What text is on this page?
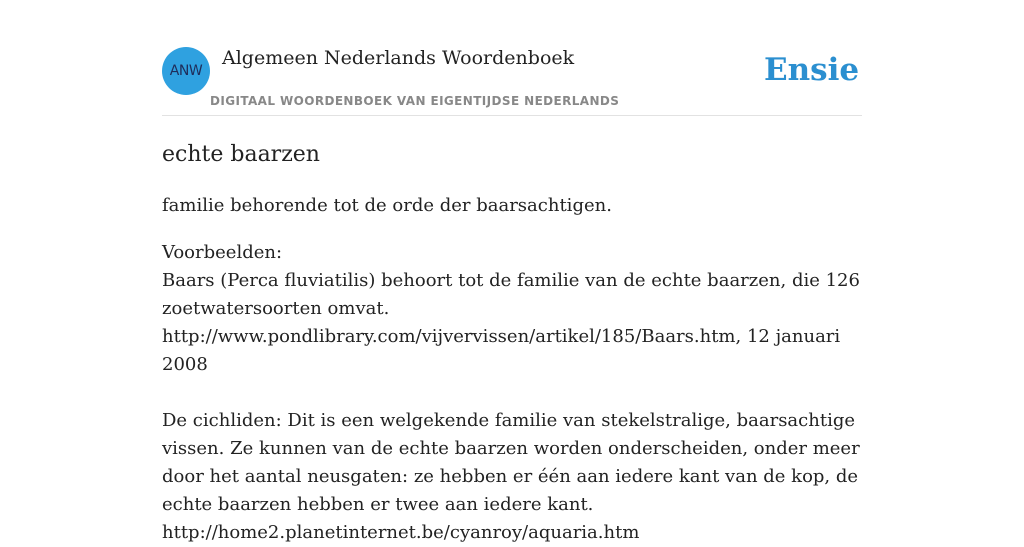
ANW
Algemeen Nederlands Woordenboek
DIGITAAL WOORDENBOEK VAN EIGENTIJDSE NEDERLANDS
Ensie
echte baarzen
familie behorende tot de orde der baarsachtigen.

Voorbeelden:

Baars (Perca fluviatilis) behoort tot de familie van de echte baarzen, die 126 zoetwatersoorten omvat.

http://www.pondlibrary.com/vijvervissen/artikel/185/Baars.htm, 12 januari 2008

De cichliden: Dit is een welgekende familie van stekelstralige, baarsachtige vissen. Ze kunnen van de echte baarzen worden onderscheiden, onder meer door het aantal neusgaten: ze hebben er één aan iedere kant van de kop, de echte baarzen hebben er twee aan iedere kant.

http://home2.planetinternet.be/cyanroy/aquaria.htm
